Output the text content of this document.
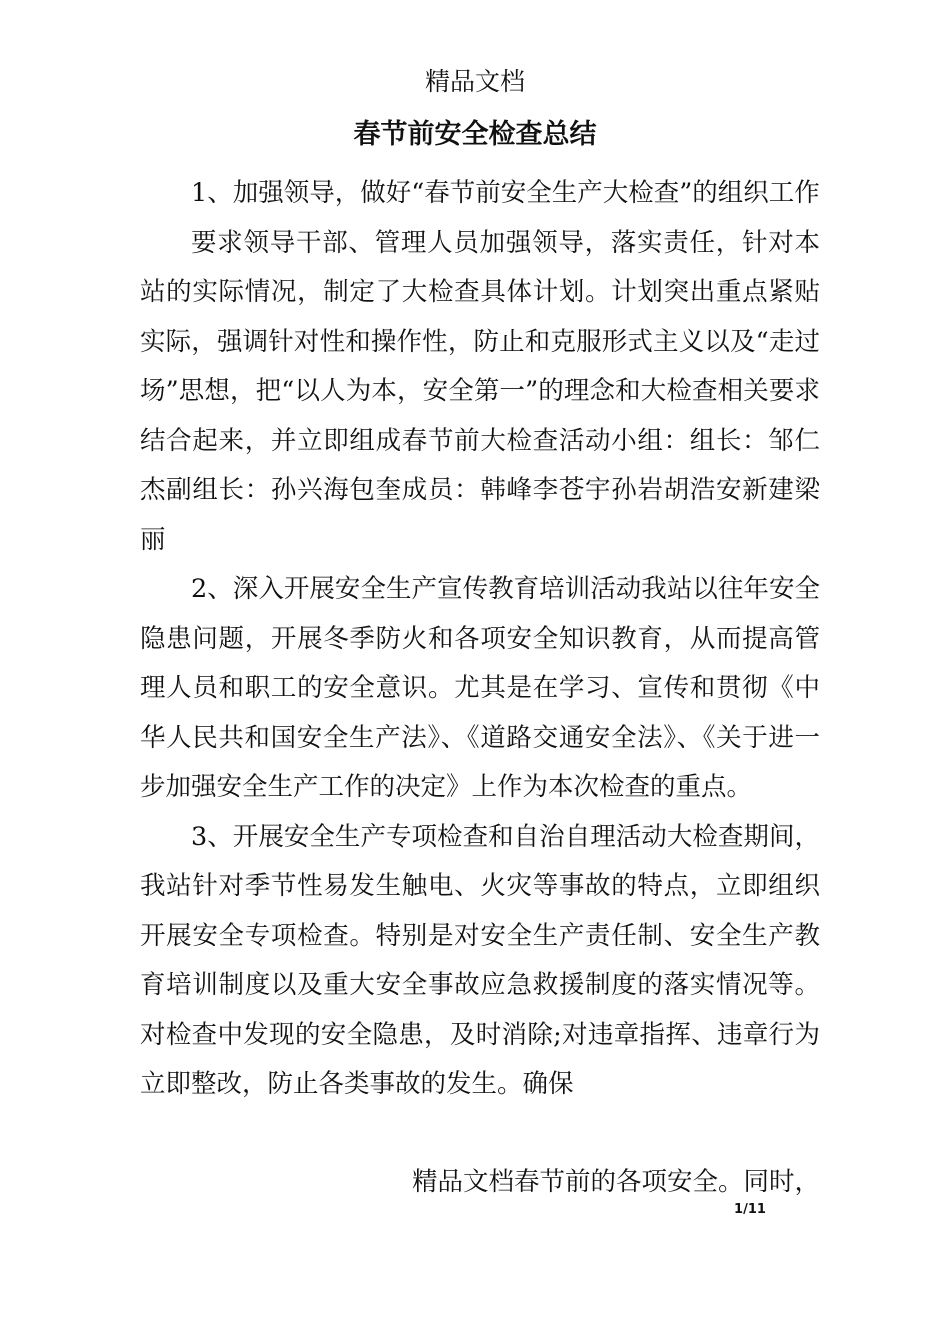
精品文档
春节前安全检查总结

1、加强领导，做好“春节前安全生产大检查”的组织工作

要求领导干部、管理人员加强领导，落实责任，针对本站的实际情况，制定了大检查具体计划。计划突出重点紧贴实际，强调针对性和操作性，防止和克服形式主义以及“走过场”思想，把“以人为本，安全第一”的理念和大检查相关要求结合起来，并立即组成春节前大检查活动小组：组长：邹仁杰副组长：孙兴海包奎成员：韩峰李苍宇孙岩胡浩安新建梁丽

2、深入开展安全生产宣传教育培训活动我站以往年安全隐患问题，开展冬季防火和各项安全知识教育，从而提高管理人员和职工的安全意识。尤其是在学习、宣传和贯彻《中华人民共和国安全生产法》、《道路交通安全法》、《关于进一步加强安全生产工作的决定》上作为本次检查的重点。

3、开展安全生产专项检查和自治自理活动大检查期间，我站针对季节性易发生触电、火灾等事故的特点，立即组织开展安全专项检查。特别是对安全生产责任制、安全生产教育培训制度以及重大安全事故应急救援制度的落实情况等。对检查中发现的安全隐患，及时消除;对违章指挥、违章行为立即整改，防止各类事故的发生。确保

精品文档春节前的各项安全。同时，
1/11
